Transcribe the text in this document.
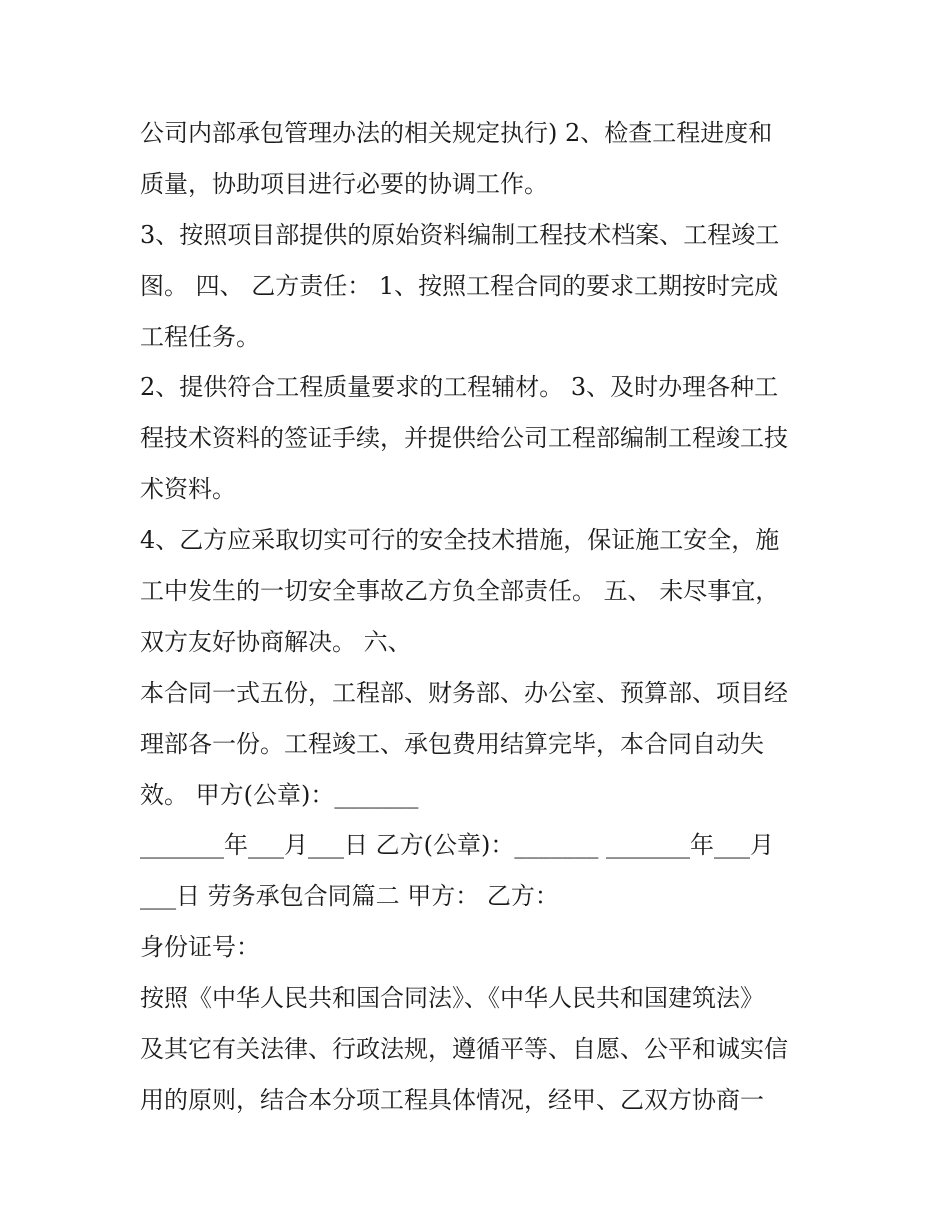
公司内部承包管理办法的相关规定执行) 2、检查工程进度和
质量，协助项目进行必要的协调工作。
3、按照项目部提供的原始资料编制工程技术档案、工程竣工
图。 四、 乙方责任： 1、按照工程合同的要求工期按时完成
工程任务。
2、提供符合工程质量要求的工程辅材。 3、及时办理各种工
程技术资料的签证手续，并提供给公司工程部编制工程竣工技
术资料。
4、乙方应采取切实可行的安全技术措施，保证施工安全，施
工中发生的一切安全事故乙方负全部责任。 五、 未尽事宜，
双方友好协商解决。 六、
本合同一式五份，工程部、财务部、办公室、预算部、项目经
理部各一份。工程竣工、承包费用结算完毕，本合同自动失
效。 甲方(公章)：_______
_______年___月___日 乙方(公章)：_______ _______年___月
___日 劳务承包合同篇二 甲方： 乙方：
身份证号：
按照《中华人民共和国合同法》、《中华人民共和国建筑法》
及其它有关法律、行政法规，遵循平等、自愿、公平和诚实信
用的原则，结合本分项工程具体情况，经甲、乙双方协商一
